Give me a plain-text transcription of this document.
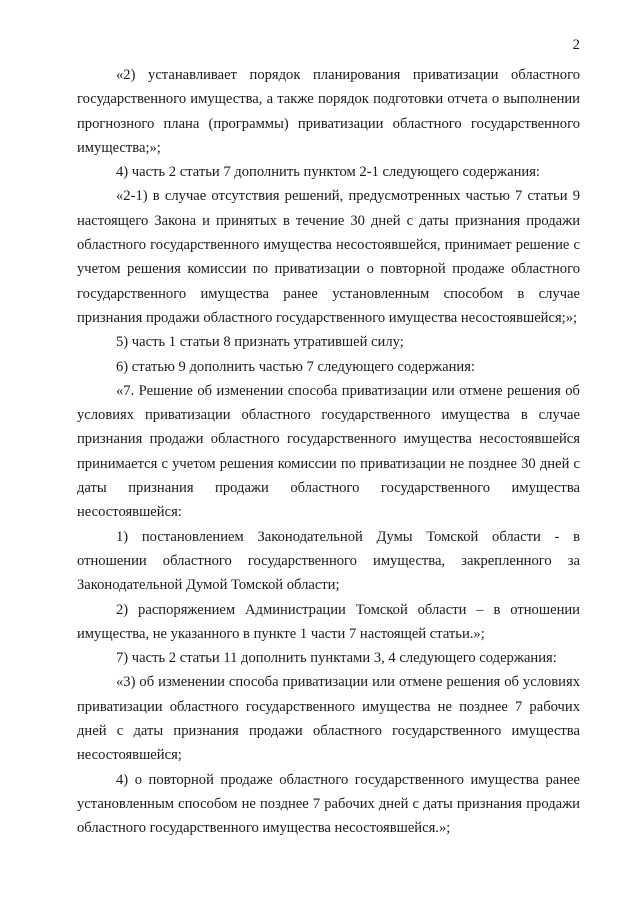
2

«2) устанавливает порядок планирования приватизации областного государственного имущества, а также порядок подготовки отчета о выполнении прогнозного плана (программы) приватизации областного государственного имущества;»;

4) часть 2 статьи 7 дополнить пунктом 2-1 следующего содержания:

«2-1) в случае отсутствия решений, предусмотренных частью 7 статьи 9 настоящего Закона и принятых в течение 30 дней с даты признания продажи областного государственного имущества несостоявшейся, принимает решение с учетом решения комиссии по приватизации о повторной продаже областного государственного имущества ранее установленным способом в случае признания продажи областного государственного имущества несостоявшейся;»;

5) часть 1 статьи 8 признать утратившей силу;

6) статью 9 дополнить частью 7 следующего содержания:

«7. Решение об изменении способа приватизации или отмене решения об условиях приватизации областного государственного имущества в случае признания продажи областного государственного имущества несостоявшейся принимается с учетом решения комиссии по приватизации не позднее 30 дней с даты признания продажи областного государственного имущества несостоявшейся:

1) постановлением Законодательной Думы Томской области - в отношении областного государственного имущества, закрепленного за Законодательной Думой Томской области;

2) распоряжением Администрации Томской области – в отношении имущества, не указанного в пункте 1 части 7 настоящей статьи.»;

7) часть 2 статьи 11 дополнить пунктами 3, 4 следующего содержания:

«3) об изменении способа приватизации или отмене решения об условиях приватизации областного государственного имущества не позднее 7 рабочих дней с даты признания продажи областного государственного имущества несостоявшейся;

4) о повторной продаже областного государственного имущества ранее установленным способом не позднее 7 рабочих дней с даты признания продажи областного государственного имущества несостоявшейся.»;
